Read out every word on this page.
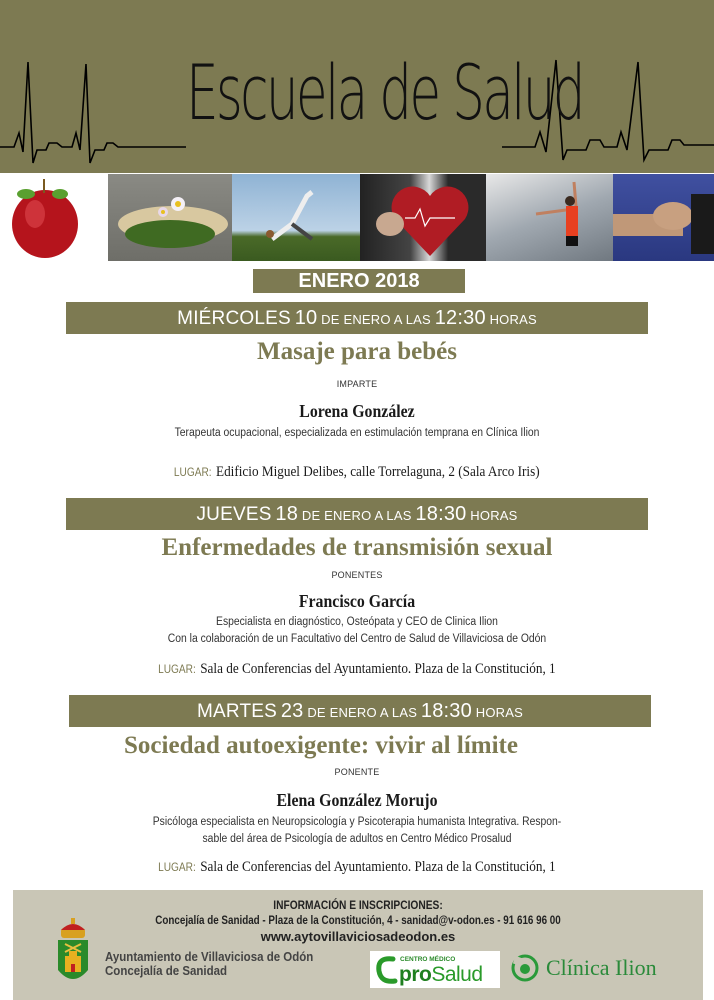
Escuela de Salud
ENERO 2018
MIÉRCOLES 10 DE ENERO A LAS 12:30 HORAS
Masaje para bebés
IMPARTE
Lorena González
Terapeuta ocupacional, especializada en estimulación temprana en Clínica Ilion
LUGAR: Edificio Miguel Delibes, calle Torrelaguna, 2 (Sala Arco Iris)
JUEVES 18 DE ENERO A LAS 18:30 HORAS
Enfermedades de transmisión sexual
PONENTES
Francisco García
Especialista en diagnóstico, Osteópata y CEO de Clinica Ilion
Con la colaboración de un Facultativo del Centro de Salud de Villaviciosa de Odón
LUGAR: Sala de Conferencias del Ayuntamiento. Plaza de la Constitución, 1
MARTES 23 DE ENERO A LAS 18:30 HORAS
Sociedad autoexigente: vivir al límite
PONENTE
Elena González Morujo
Psicóloga especialista en Neuropsicología y Psicoterapia humanista Integrativa. Respon-
sable del área de Psicología de adultos en Centro Médico Prosalud
LUGAR: Sala de Conferencias del Ayuntamiento. Plaza de la Constitución, 1
INFORMACIÓN E INSCRIPCIONES:
Concejalía de Sanidad - Plaza de la Constitución, 4 - sanidad@v-odon.es - 91 616 96 00
www.aytovillaviciosadeodon.es
Ayuntamiento de Villaviciosa de Odón
Concejalía de Sanidad
CENTRO MÉDICO
proSalud	Clínica Ilion
